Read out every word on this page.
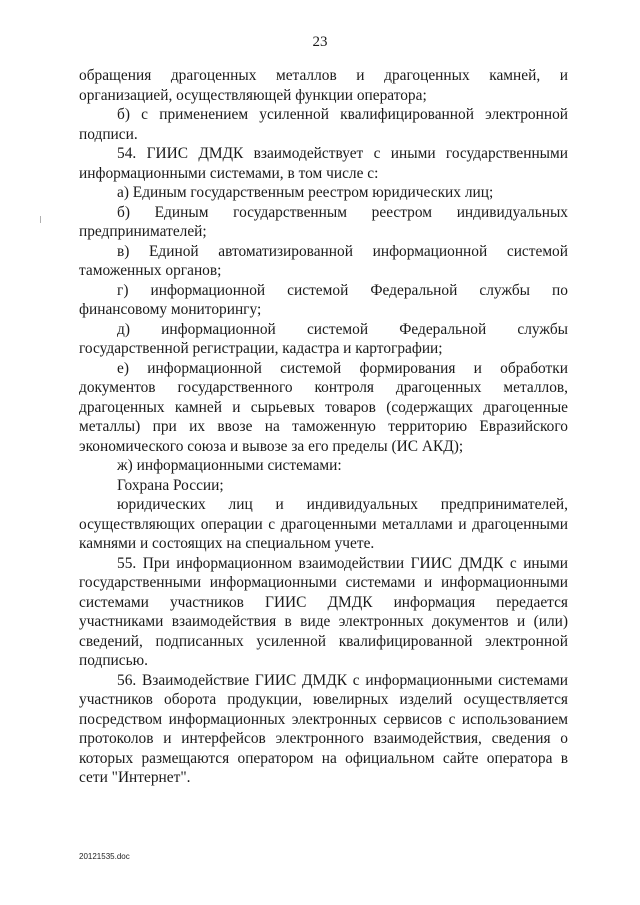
23

обращения драгоценных металлов и драгоценных камней, и организацией, осуществляющей функции оператора;

б) с применением усиленной квалифицированной электронной подписи.

54. ГИИС ДМДК взаимодействует с иными государственными информационными системами, в том числе с:

а) Единым государственным реестром юридических лиц;

б) Единым государственным реестром индивидуальных предпринимателей;

в) Единой автоматизированной информационной системой таможенных органов;

г) информационной системой Федеральной службы по финансовому мониторингу;

д) информационной системой Федеральной службы государственной регистрации, кадастра и картографии;

е) информационной системой формирования и обработки документов государственного контроля драгоценных металлов, драгоценных камней и сырьевых товаров (содержащих драгоценные металлы) при их ввозе на таможенную территорию Евразийского экономического союза и вывозе за его пределы (ИС АКД);

ж) информационными системами:

Гохрана России;

юридических лиц и индивидуальных предпринимателей, осуществляющих операции с драгоценными металлами и драгоценными камнями и состоящих на специальном учете.

55. При информационном взаимодействии ГИИС ДМДК с иными государственными информационными системами и информационными системами участников ГИИС ДМДК информация передается участниками взаимодействия в виде электронных документов и (или) сведений, подписанных усиленной квалифицированной электронной подписью.

56. Взаимодействие ГИИС ДМДК с информационными системами участников оборота продукции, ювелирных изделий осуществляется посредством информационных электронных сервисов с использованием протоколов и интерфейсов электронного взаимодействия, сведения о которых размещаются оператором на официальном сайте оператора в сети "Интернет".

20121535.doc
